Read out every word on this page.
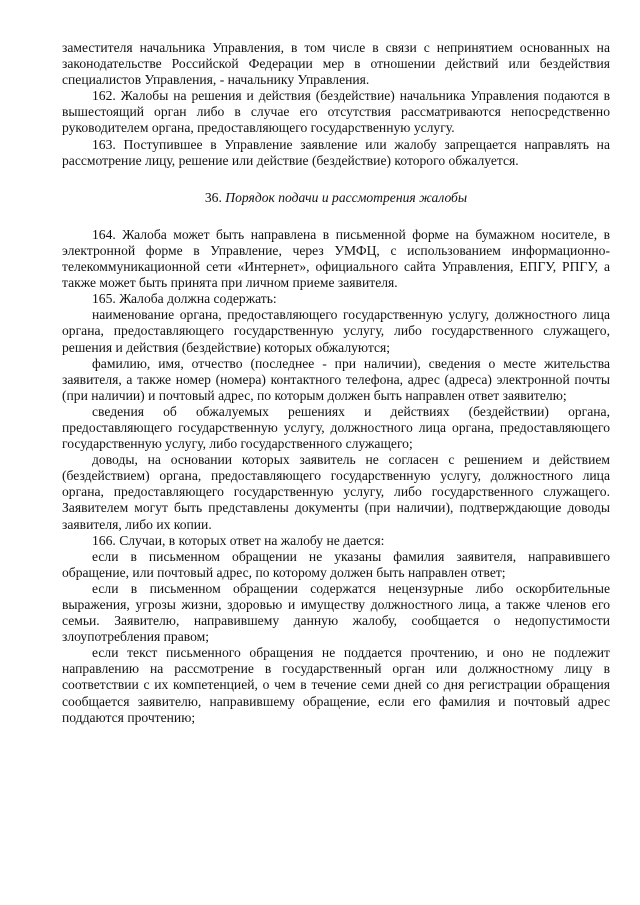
заместителя начальника Управления, в том числе в связи с непринятием основанных на законодательстве Российской Федерации мер в отношении действий или бездействия специалистов Управления, - начальнику Управления.

162. Жалобы на решения и действия (бездействие) начальника Управления подаются в вышестоящий орган либо в случае его отсутствия рассматриваются непосредственно руководителем органа, предоставляющего государственную услугу.

163. Поступившее в Управление заявление или жалобу запрещается направлять на рассмотрение лицу, решение или действие (бездействие) которого обжалуется.

36. Порядок подачи и рассмотрения жалобы

164. Жалоба может быть направлена в письменной форме на бумажном носителе, в электронной форме в Управление, через УМФЦ, с использованием информационно-телекоммуникационной сети «Интернет», официального сайта Управления, ЕПГУ, РПГУ, а также может быть принята при личном приеме заявителя.

165. Жалоба должна содержать:

наименование органа, предоставляющего государственную услугу, должностного лица органа, предоставляющего государственную услугу, либо государственного служащего, решения и действия (бездействие) которых обжалуются;

фамилию, имя, отчество (последнее - при наличии), сведения о месте жительства заявителя, а также номер (номера) контактного телефона, адрес (адреса) электронной почты (при наличии) и почтовый адрес, по которым должен быть направлен ответ заявителю;

сведения об обжалуемых решениях и действиях (бездействии) органа, предоставляющего государственную услугу, должностного лица органа, предоставляющего государственную услугу, либо государственного служащего;

доводы, на основании которых заявитель не согласен с решением и действием (бездействием) органа, предоставляющего государственную услугу, должностного лица органа, предоставляющего государственную услугу, либо государственного служащего. Заявителем могут быть представлены документы (при наличии), подтверждающие доводы заявителя, либо их копии.

166. Случаи, в которых ответ на жалобу не дается:

если в письменном обращении не указаны фамилия заявителя, направившего обращение, или почтовый адрес, по которому должен быть направлен ответ;

если в письменном обращении содержатся нецензурные либо оскорбительные выражения, угрозы жизни, здоровью и имуществу должностного лица, а также членов его семьи. Заявителю, направившему данную жалобу, сообщается о недопустимости злоупотребления правом;

если текст письменного обращения не поддается прочтению, и оно не подлежит направлению на рассмотрение в государственный орган или должностному лицу в соответствии с их компетенцией, о чем в течение семи дней со дня регистрации обращения сообщается заявителю, направившему обращение, если его фамилия и почтовый адрес поддаются прочтению;
